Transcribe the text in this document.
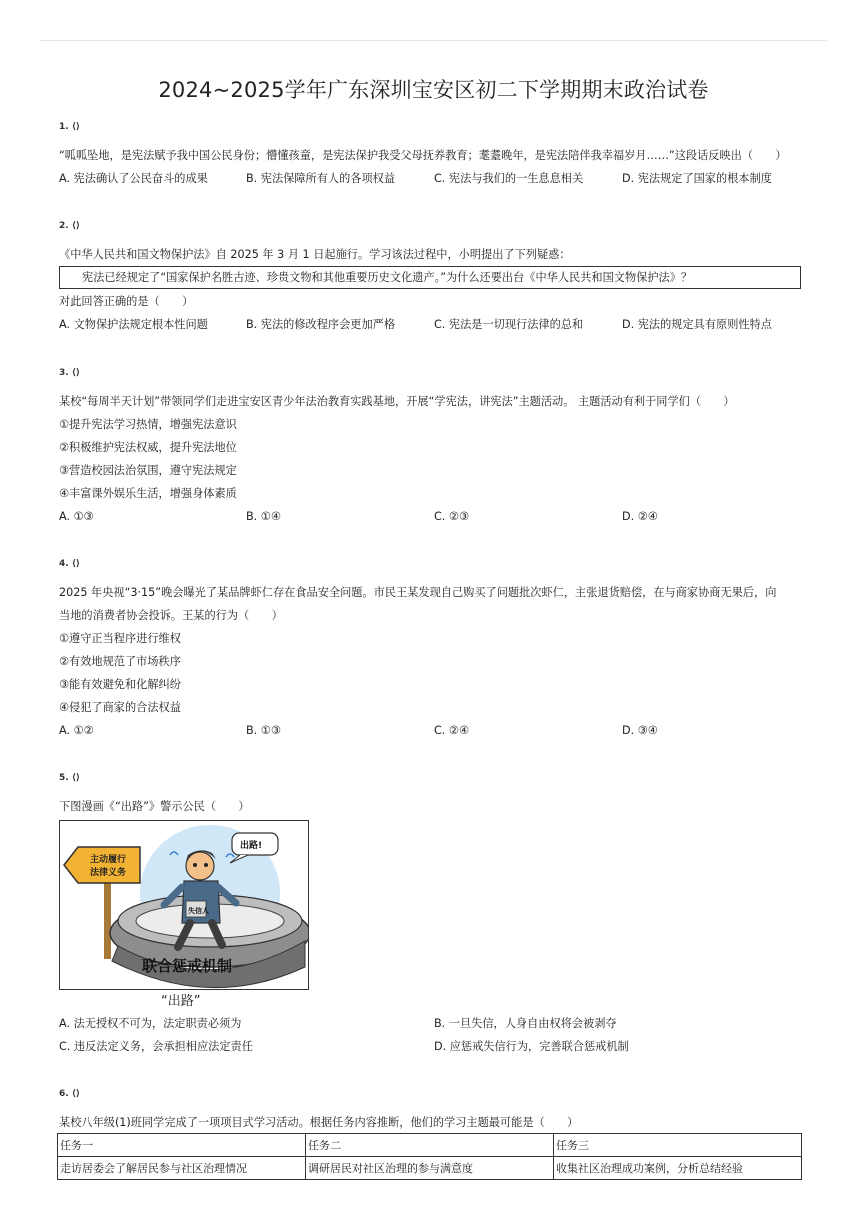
2024~2025学年广东深圳宝安区初二下学期期末政治试卷
1. ⟨⟩
“呱呱坠地，是宪法赋予我中国公民身份；懵懂孩童，是宪法保护我受父母抚养教育；耄耋晚年，是宪法陪伴我幸福岁月……”这段话反映出（　　）
A. 宪法确认了公民奋斗的成果	B. 宪法保障所有人的各项权益	C. 宪法与我们的一生息息相关	D. 宪法规定了国家的根本制度
2. ⟨⟩
《中华人民共和国文物保护法》自 2025 年 3 月 1 日起施行。学习该法过程中，小明提出了下列疑惑：
宪法已经规定了“国家保护名胜古迹、珍贵文物和其他重要历史文化遗产。”为什么还要出台《中华人民共和国文物保护法》？
对此回答正确的是（　　）
A. 文物保护法规定根本性问题	B. 宪法的修改程序会更加严格	C. 宪法是一切现行法律的总和	D. 宪法的规定具有原则性特点
3. ⟨⟩
某校“每周半天计划”带领同学们走进宝安区青少年法治教育实践基地，开展“学宪法，讲宪法”主题活动。 主题活动有利于同学们（　　）
①提升宪法学习热情，增强宪法意识
②积极维护宪法权威，提升宪法地位
③营造校园法治氛围，遵守宪法规定
④丰富课外娱乐生活，增强身体素质
A. ①③	B. ①④	C. ②③	D. ②④
4. ⟨⟩
2025 年央视“3·15”晚会曝光了某品牌虾仁存在食品安全问题。市民王某发现自己购买了问题批次虾仁，主张退货赔偿，在与商家协商无果后，向
当地的消费者协会投诉。王某的行为（　　）
①遵守正当程序进行维权
②有效地规范了市场秩序
③能有效避免和化解纠纷
④侵犯了商家的合法权益
A. ①②	B. ①③	C. ②④	D. ③④
5. ⟨⟩
下图漫画《“出路”》警示公民（　　）
主动履行
法律义务
联合惩戒机制
失信人
出路!
“出路”
A. 法无授权不可为，法定职责必须为	B. 一旦失信，人身自由权将会被剥夺
C. 违反法定义务，会承担相应法定责任	D. 应惩戒失信行为，完善联合惩戒机制
6. ⟨⟩
某校八年级(1)班同学完成了一项项目式学习活动。根据任务内容推断，他们的学习主题最可能是（　　）
任务一	任务二	任务三
走访居委会了解居民参与社区治理情况	调研居民对社区治理的参与满意度	收集社区治理成功案例，分析总结经验
